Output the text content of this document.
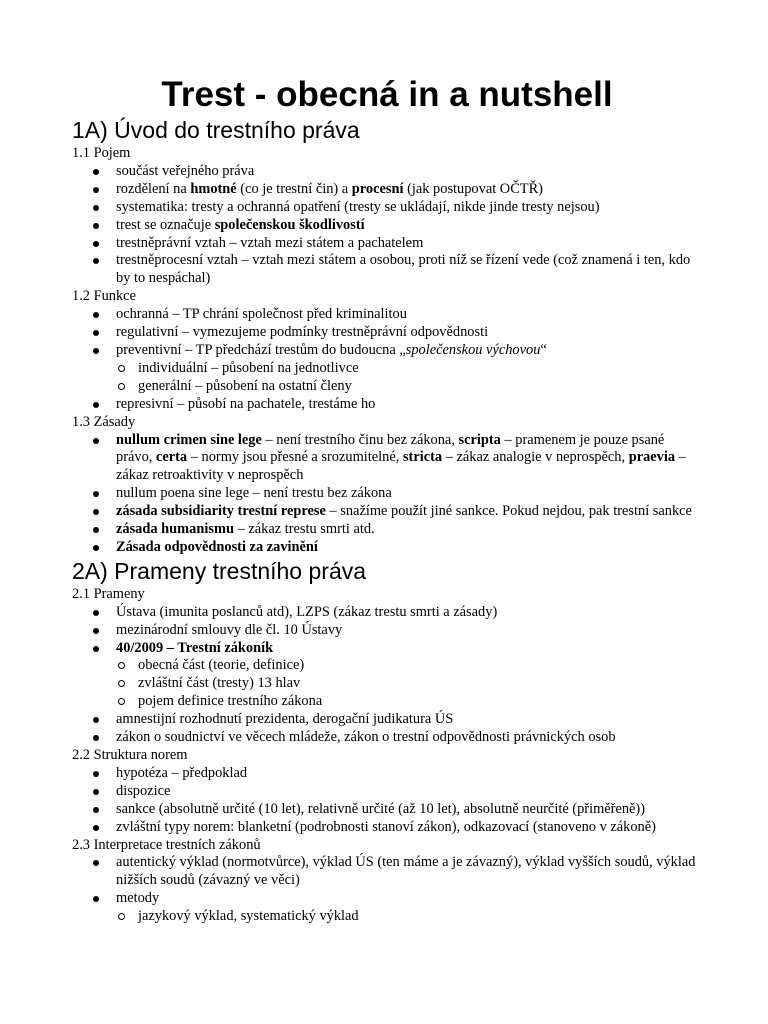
Trest - obecná in a nutshell
1A) Úvod do trestního práva
1.1 Pojem
součást veřejného práva
rozdělení na hmotné (co je trestní čin) a procesní (jak postupovat OČTŘ)
systematika: tresty a ochranná opatření (tresty se ukládají, nikde jinde tresty nejsou)
trest se označuje společenskou škodlivostí
trestněprávní vztah – vztah mezi státem a pachatelem
trestněprocesní vztah – vztah mezi státem a osobou, proti níž se řízení vede (což znamená i ten, kdo by to nespáchal)
1.2 Funkce
ochranná – TP chrání společnost před kriminalitou
regulativní – vymezujeme podmínky trestněprávní odpovědnosti
preventivní – TP předchází trestům do budoucna „společenskou výchovou“
individuální – působení na jednotlivce
generální – působení na ostatní členy
represivní – působí na pachatele, trestáme ho
1.3 Zásady
nullum crimen sine lege – není trestního činu bez zákona, scripta – pramenem je pouze psané právo, certa – normy jsou přesné a srozumitelné, stricta – zákaz analogie v neprospěch, praevia – zákaz retroaktivity v neprospěch
nullum poena sine lege – není trestu bez zákona
zásada subsidiarity trestní represe – snažíme použít jiné sankce. Pokud nejdou, pak trestní sankce
zásada humanismu – zákaz trestu smrti atd.
Zásada odpovědnosti za zavinění
2A) Prameny trestního práva
2.1 Prameny
Ústava (imunita poslanců atd), LZPS (zákaz trestu smrti a zásady)
mezinárodní smlouvy dle čl. 10 Ústavy
40/2009 – Trestní zákoník
obecná část (teorie, definice)
zvláštní část (tresty) 13 hlav
pojem definice trestního zákona
amnestijní rozhodnutí prezidenta, derogační judikatura ÚS
zákon o soudnictví ve věcech mládeže, zákon o trestní odpovědnosti právnických osob
2.2 Struktura norem
hypotéza – předpoklad
dispozice
sankce (absolutně určité (10 let), relativně určité (až 10 let), absolutně neurčité (přiměřeně))
zvláštní typy norem: blanketní (podrobnosti stanoví zákon), odkazovací (stanoveno v zákoně)
2.3 Interpretace trestních zákonů
autentický výklad (normotvůrce), výklad ÚS (ten máme a je závazný), výklad vyšších soudů, výklad nižších soudů (závazný ve věci)
metody
jazykový výklad, systematický výklad
